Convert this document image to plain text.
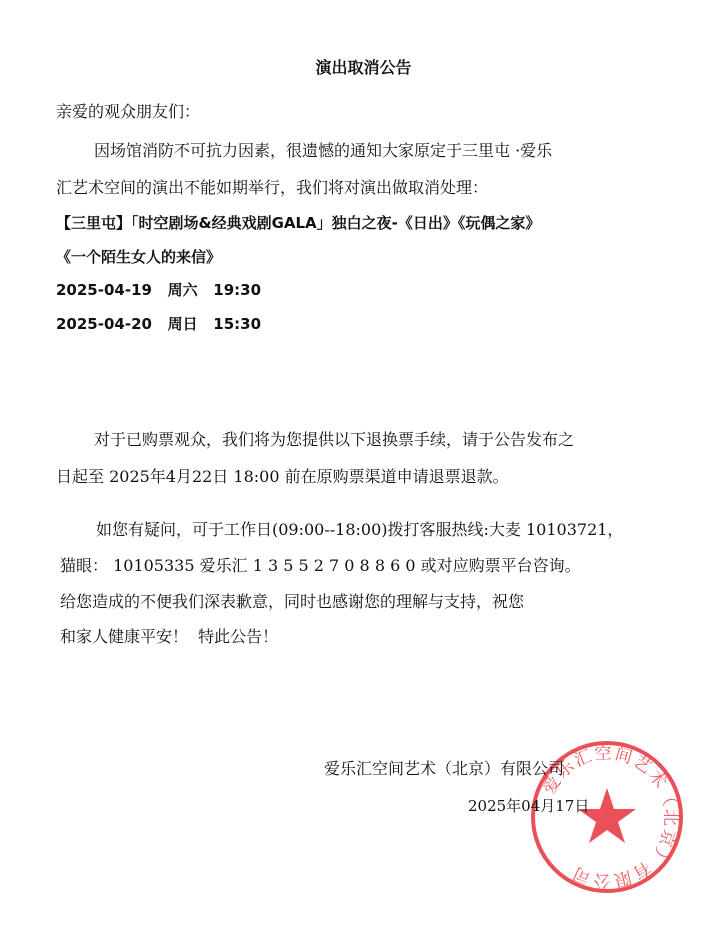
演出取消公告
亲爱的观众朋友们：
因场馆消防不可抗力因素，很遗憾的通知大家原定于三里屯 ·爱乐
汇艺术空间的演出不能如期举行，我们将对演出做取消处理：
【三里屯】「时空剧场&经典戏剧GALA」独白之夜-《日出》《玩偶之家》
《一个陌生女人的来信》
2025-04-19   周六   19:30
2025-04-20   周日   15:30
对于已购票观众，我们将为您提供以下退换票手续，请于公告发布之
日起至 2025年4月22日 18:00 前在原购票渠道申请退票退款。
如您有疑问，可于工作日(09:00--18:00)拨打客服热线:大麦 10103721，
猫眼： 10105335 爱乐汇 1 3 5 5 2 7 0 8 8 6 0 或对应购票平台咨询。
给您造成的不便我们深表歉意，同时也感谢您的理解与支持，祝您
和家人健康平安！  特此公告！
爱乐汇空间艺术（北京）有限公司
爱乐汇空间艺术（北京）有限公司
2025年04月17日
